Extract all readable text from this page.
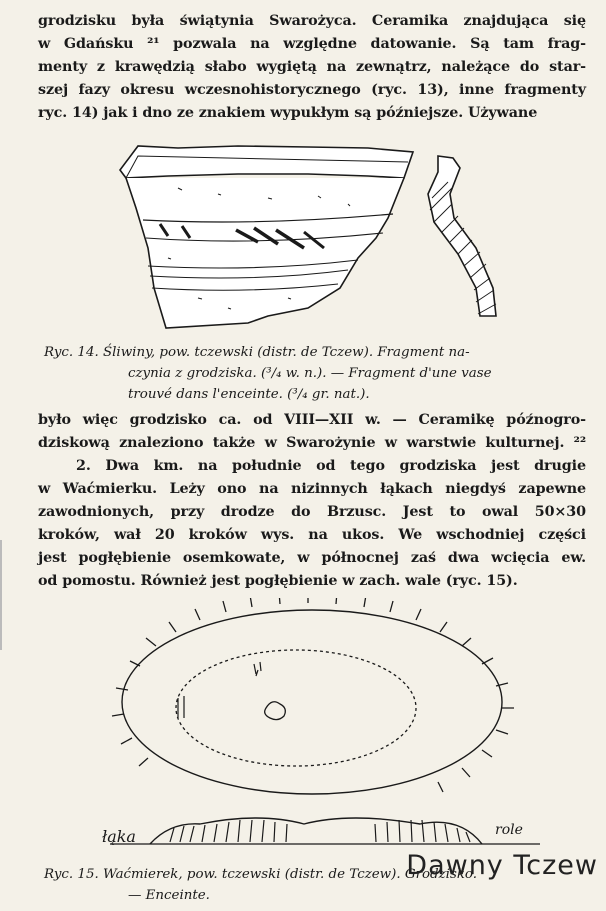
grodzisku była świątynia Swarożyca. Ceramika znajdująca się
w Gdańsku ²¹ pozwala na względne datowanie. Są tam frag-
menty z krawędzią słabo wygiętą na zewnątrz, należące do star-
szej fazy okresu wczesnohistorycznego (ryc. 13), inne fragmenty
ryc. 14) jak i dno ze znakiem wypukłym są późniejsze. Używane

Ryc. 14. Śliwiny, pow. tczewski (distr. de Tczew). Fragment na-
czynia z grodziska. (³/₄ w. n.). — Fragment d'une vase
trouvé dans l'enceinte. (³/₄ gr. nat.).

było więc grodzisko ca. od VIII—XII w. — Ceramikę późnogro-
dziskową znaleziono także w Swarożynie w warstwie kulturnej. ²²
2. Dwa km. na południe od tego grodziska jest drugie
w Waćmierku. Leży ono na nizinnych łąkach niegdyś zapewne
zawodnionych, przy drodze do Brzusc. Jest to owal 50×30
kroków, wał 20 kroków wys. na ukos. We wschodniej części
jest pogłębienie osemkowate, w północnej zaś dwa wcięcia ew.
od pomostu. Również jest pogłębienie w zach. wale (ryc. 15).

łąka	role

Ryc. 15. Waćmierek, pow. tczewski (distr. de Tczew). Grodzisko.
— Enceinte.

Dawny Tczew
